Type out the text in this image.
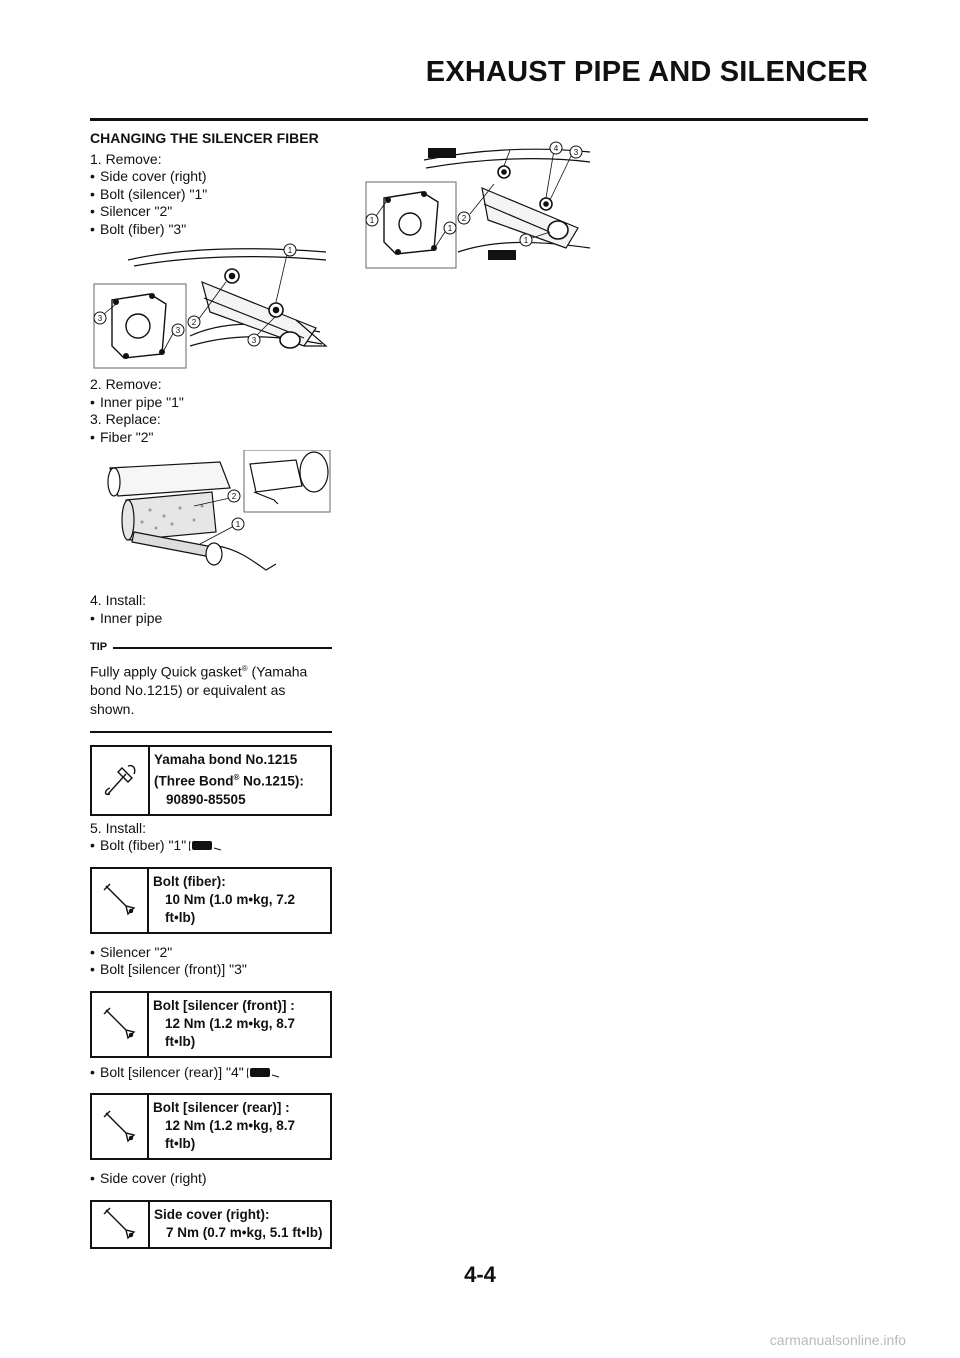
EXHAUST PIPE AND SILENCER
CHANGING THE SILENCER FIBER

1. Remove:

• Side cover (right)

• Bolt (silencer) "1"

• Silencer "2"

• Bolt (fiber) "3"

1
2
3
3
3

2. Remove:

• Inner pipe "1"

3. Replace:

• Fiber "2"

2
1

4. Install:

• Inner pipe

TIP

Fully apply Quick gasket® (Yamaha bond No.1215) or equivalent as shown.

Yamaha bond No.1215
(Three Bond® No.1215):
90890-85505

5. Install:

• Bolt (fiber) "1"

Bolt (fiber):
10 Nm (1.0 m•kg, 7.2 ft•lb)

• Silencer "2"

• Bolt [silencer (front)] "3"

Bolt [silencer (front)] :
12 Nm (1.2 m•kg, 8.7 ft•lb)

• Bolt [silencer (rear)] "4"

Bolt [silencer (rear)] :
12 Nm (1.2 m•kg, 8.7 ft•lb)

• Side cover (right)

Side cover (right):
7 Nm (0.7 m•kg, 5.1 ft•lb)
4 3
2
1
1
1
4-4
carmanualsonline.info
